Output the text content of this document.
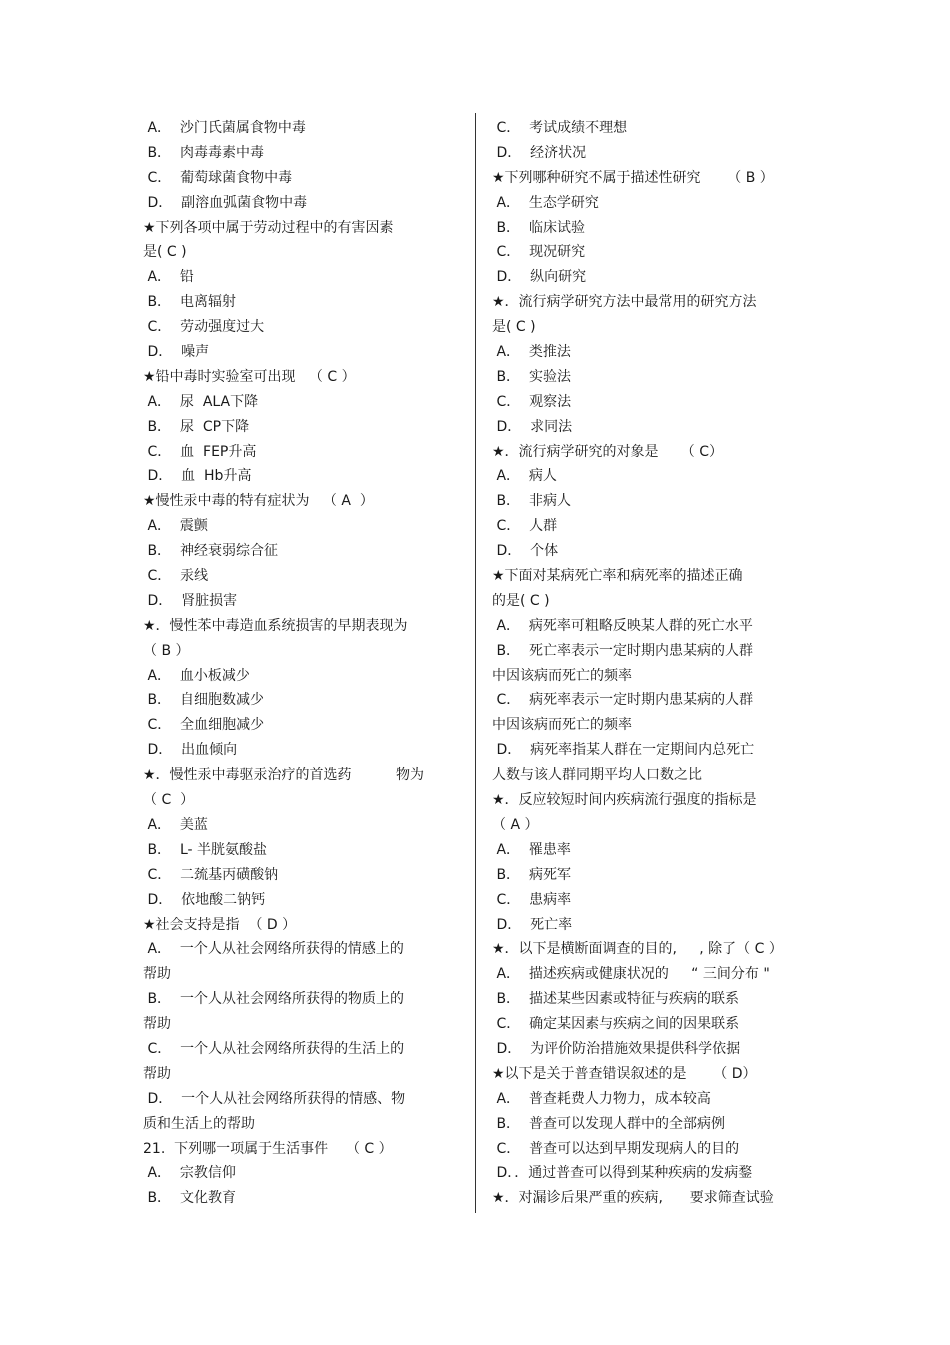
A．  沙门氏菌属食物中毒
B．  肉毒毒素中毒
C．  葡萄球菌食物中毒
D．  副溶血弧菌食物中毒
★下列各项中属于劳动过程中的有害因素
是( C )
A．  铅
B．  电离辐射
C．  劳动强度过大
D．  噪声
★铅中毒时实验室可出现   （ C ）
A．  尿  ALA下降
B．  尿  CP下降
C．  血  FEP升高
D．  血  Hb升高
★慢性汞中毒的特有症状为   （ A  ）
A．  震颤
B．  神经衰弱综合征
C．  汞线
D．  肾脏损害
★．慢性苯中毒造血系统损害的早期表现为
（ B ）
A．  血小板减少
B．  自细胞数减少
C．  全血细胞减少
D．  出血倾向
★．慢性汞中毒驱汞治疗的首选药          物为
（ C  ）
A．  美蓝
B．  L- 半胱氨酸盐
C．  二巯基丙磺酸钠
D．  依地酸二钠钙
★社会支持是指  （ D ）
A．  一个人从社会网络所获得的情感上的
帮助
B．  一个人从社会网络所获得的物质上的
帮助
C．  一个人从社会网络所获得的生活上的
帮助
D．  一个人从社会网络所获得的情感、物
质和生活上的帮助
21.  下列哪一项属于生活事件    （ C ）
A．  宗教信仰
B．  文化教育
C．  考试成绩不理想
D．  经济状况
★下列哪种研究不属于描述性研究      （ B ）
A．  生态学研究
B．  临床试验
C．  现况研究
D．  纵向研究
★．流行病学研究方法中最常用的研究方法
是( C )
A．  类推法
B．  实验法
C．  观察法
D．  求同法
★．流行病学研究的对象是     （ C）
A．  病人
B．  非病人
C．  人群
D．  个体
★下面对某病死亡率和病死率的描述正确
的是( C )
A．  病死率可粗略反映某人群的死亡水平
B．  死亡率表示一定时期内患某病的人群
中因该病而死亡的频率
C．  病死率表示一定时期内患某病的人群
中因该病而死亡的频率
D．  病死率指某人群在一定期间内总死亡
人数与该人群同期平均人口数之比
★．反应较短时间内疾病流行强度的指标是
（ A ）
A．  罹患率
B．  病死军
C．  患病率
D．  死亡率
★．以下是横断面调查的目的,     , 除了（ C ）
A．  描述疾病或健康状况的     “ 三间分布 "
B．  描述某些因素或特征与疾病的联系
C．  确定某因素与疾病之间的因果联系
D．  为评价防治措施效果提供科学依据
★以下是关于普查错误叙述的是      （ D）
A．  普查耗费人力物力，成本较高
B．  普查可以发现人群中的全部病例
C．  普查可以达到早期发现病人的目的
D．．通过普查可以得到某种疾病的发病鍪
★．对漏诊后果严重的疾病,      要求筛查试验
